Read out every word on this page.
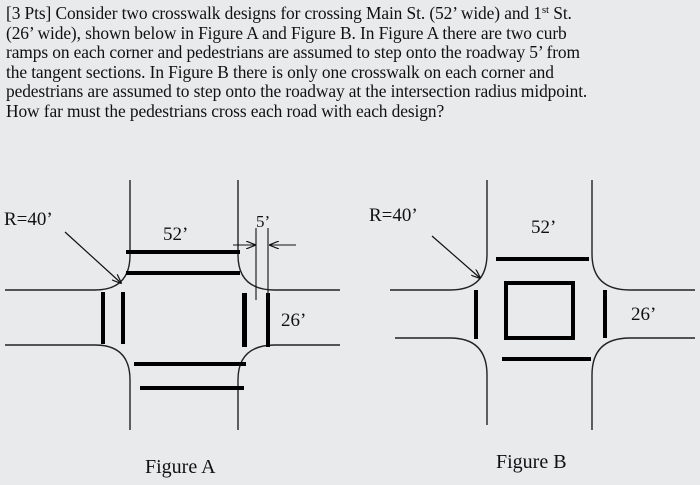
[3 Pts] Consider two crosswalk designs for crossing Main St. (52’ wide) and 1st St.
(26’ wide), shown below in Figure A and Figure B. In Figure A there are two curb
ramps on each corner and pedestrians are assumed to step onto the roadway 5’ from
the tangent sections. In Figure B there is only one crosswalk on each corner and
pedestrians are assumed to step onto the roadway at the intersection radius midpoint.
How far must the pedestrians cross each road with each design?
R=40’
52’
5’
26’
Figure A
R=40’
52’
26’
Figure B
